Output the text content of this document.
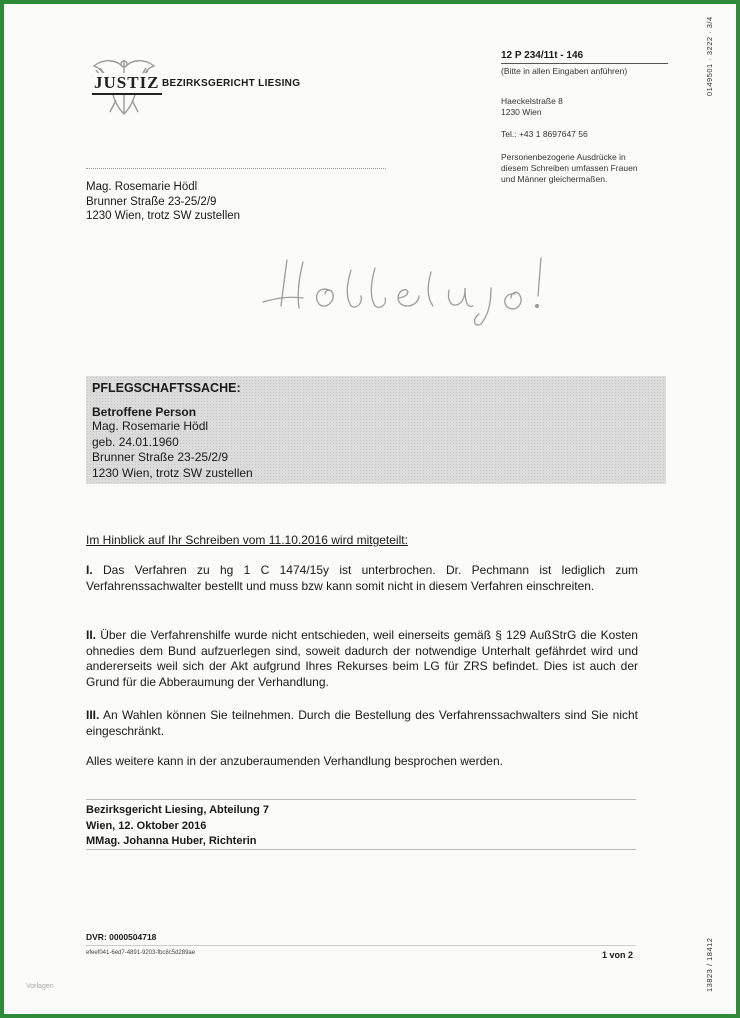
JUSTIZ BEZIRKSGERICHT LIESING
12 P 234/11t - 146
(Bitte in allen Eingaben anführen)
Haeckelstraße 8
1230 Wien
Tel.: +43 1 8697647 56
Personenbezogene Ausdrücke in
diesem Schreiben umfassen Frauen
und Männer gleichermaßen.
0149501 · 3222 · 3/4
13823 / 18412
Mag. Rosemarie Hödl
Brunner Straße 23-25/2/9
1230 Wien, trotz SW zustellen
PFLEGSCHAFTSSACHE:
Betroffene Person
Mag. Rosemarie Hödl
geb. 24.01.1960
Brunner Straße 23-25/2/9
1230 Wien, trotz SW zustellen
Im Hinblick auf Ihr Schreiben vom 11.10.2016 wird mitgeteilt:
I. Das Verfahren zu hg 1 C 1474/15y ist unterbrochen. Dr. Pechmann ist lediglich zum Verfahrenssachwalter bestellt und muss bzw kann somit nicht in diesem Verfahren einschreiten.
II. Über die Verfahrenshilfe wurde nicht entschieden, weil einerseits gemäß § 129 AußStrG die Kosten ohnedies dem Bund aufzuerlegen sind, soweit dadurch der notwendige Unterhalt gefährdet wird und andererseits weil sich der Akt aufgrund Ihres Rekurses beim LG für ZRS befindet. Dies ist auch der Grund für die Abberaumung der Verhandlung.
III. An Wahlen können Sie teilnehmen. Durch die Bestellung des Verfahrenssachwalters sind Sie nicht eingeschränkt.
Alles weitere kann in der anzuberaumenden Verhandlung besprochen werden.
Bezirksgericht Liesing, Abteilung 7
Wien, 12. Oktober 2016
MMag. Johanna Huber, Richterin
DVR: 0000504718
efeef041-6ed7-4891-9203-fbc8c5d289ae	1 von 2
Vorlagen
